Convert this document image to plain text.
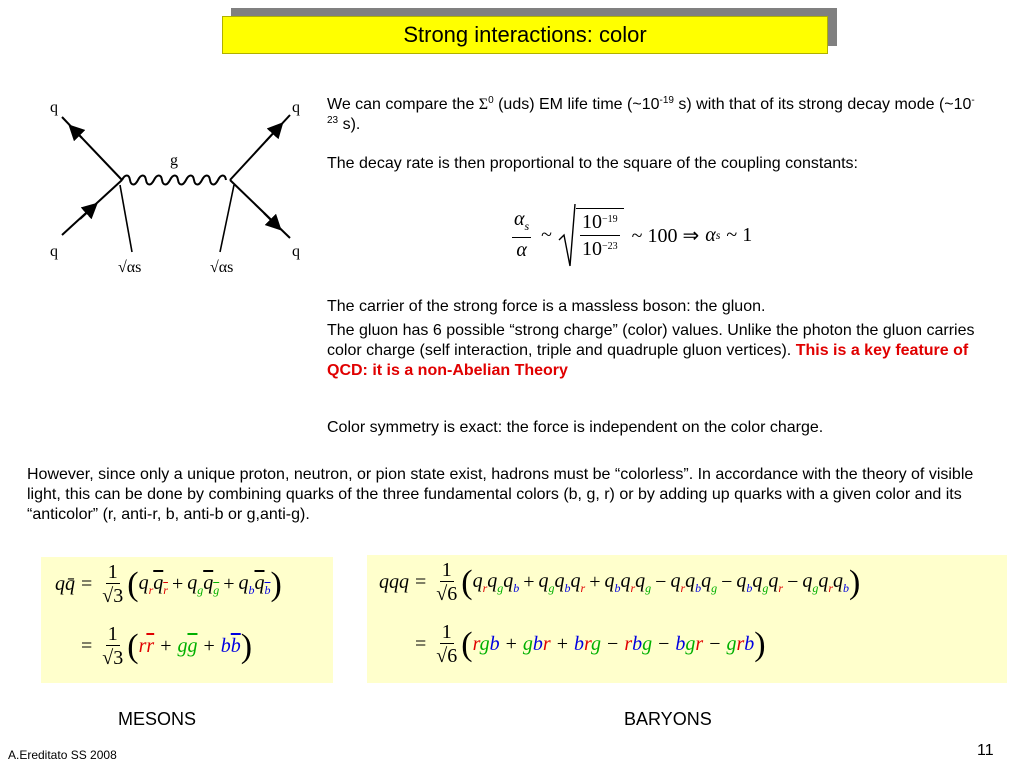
Strong interactions: color
q	q
q	q
g
√αs	√αs
We can compare the $\Sigma^0$ (uds) EM life time ($\sim 10^{-19}$ s) with that of its strong decay mode ($\sim 10^{-23}$ s).
The decay rate is then proportional to the square of the coupling constants:
$\frac{\alpha_s}{\alpha}$ ~
$10^{-19}$
$10^{-23}$ ~ 100 ⇒ α s ~ 1
The carrier of the strong force is a massless boson: the gluon.
The gluon has 6 possible “strong charge” (color) values. Unlike the photon the gluon carries color charge (self interaction, triple and quadruple gluon vertices). This is a key feature of QCD: it is a non-Abelian Theory
Color symmetry is exact: the force is independent on the color charge.
However, since only a unique proton, neutron, or pion state exist, hadrons must be “colorless”. In accordance with the theory of visible light, this can be done by combining quarks of the three fundamental colors (b, g, r) or by adding up quarks with a given color and its “anticolor” (r, anti-r, b, anti-b or g,anti-g).
qq̄ = $\frac{1}{√3}$ ( $q_r\overline{q}_{\overline{r}} + q_g\overline{q}_{\overline{g}} + q_b\overline{q}_{\overline{b}}$ )
= $\frac{1}{√3}$ ( $r\overline{r} + g\overline{g} + b\overline{b}$ )
qqq = $\frac{1}{√6}$ ( $q_rq_gq_b + q_gq_bq_r + q_bq_rq_g - q_rq_bq_g - q_bq_gq_r - q_gq_rq_b$ )
= $\frac{1}{√6}$ ( rgb + gbr + brg − rbg − bgr − grb )
MESONS	BARYONS
A.Ereditato SS 2008	11
